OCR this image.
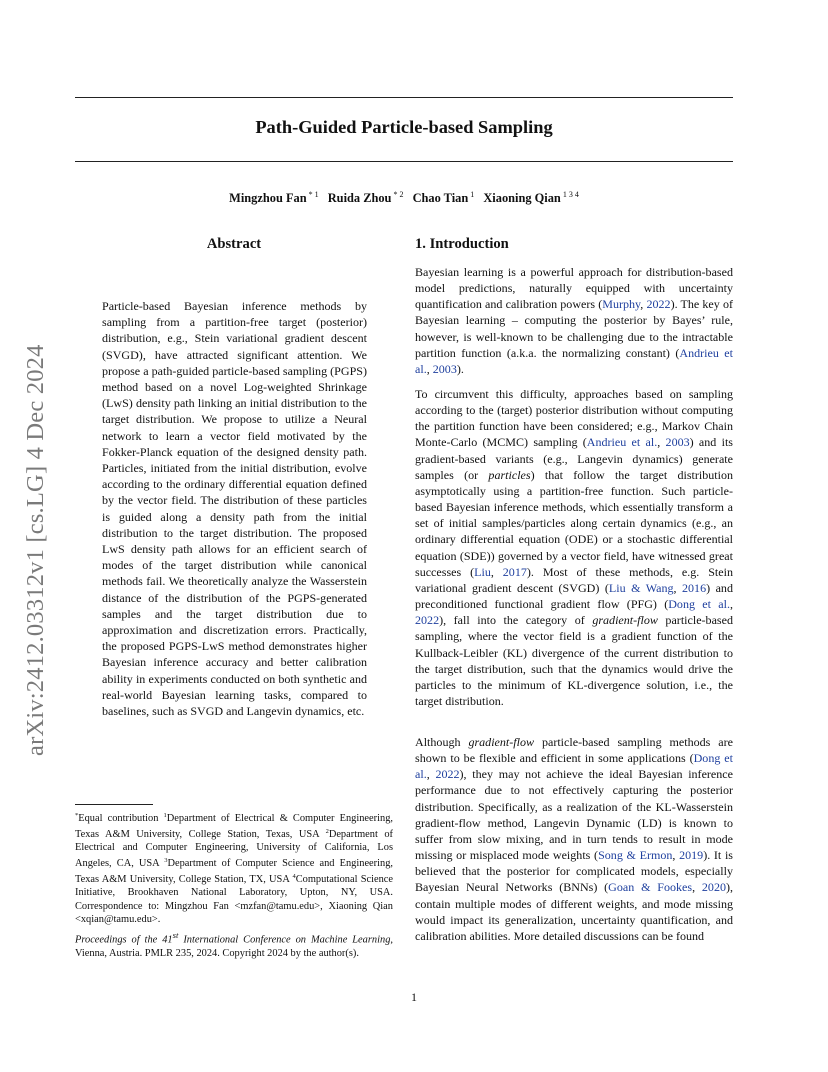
arXiv:2412.03312v1 [cs.LG] 4 Dec 2024
Path-Guided Particle-based Sampling
Mingzhou Fan $^{* 1}$ Ruida Zhou $^{* 2}$ Chao Tian $^1$ Xiaoning Qian $^{1 3 4}$
Abstract

Particle-based Bayesian inference methods by sampling from a partition-free target (posterior) distribution, e.g., Stein variational gradient descent (SVGD), have attracted significant attention. We propose a path-guided particle-based sampling (PGPS) method based on a novel Log-weighted Shrinkage (LwS) density path linking an initial distribution to the target distribution. We propose to utilize a Neural network to learn a vector field motivated by the Fokker-Planck equation of the designed density path. Particles, initiated from the initial distribution, evolve according to the ordinary differential equation defined by the vector field. The distribution of these particles is guided along a density path from the initial distribution to the target distribution. The proposed LwS density path allows for an efficient search of modes of the target distribution while canonical methods fail. We theoretically analyze the Wasserstein distance of the distribution of the PGPS-generated samples and the target distribution due to approximation and discretization errors. Practically, the proposed PGPS-LwS method demonstrates higher Bayesian inference accuracy and better calibration ability in experiments conducted on both synthetic and real-world Bayesian learning tasks, compared to baselines, such as SVGD and Langevin dynamics, etc.

*Equal contribution $^1$Department of Electrical & Computer Engineering, Texas A&M University, College Station, Texas, USA $^2$Department of Electrical and Computer Engineering, University of California, Los Angeles, CA, USA $^3$Department of Computer Science and Engineering, Texas A&M University, College Station, TX, USA $^4$Computational Science Initiative, Brookhaven National Laboratory, Upton, NY, USA. Correspondence to: Mingzhou Fan <mzfan@tamu.edu>, Xiaoning Qian <xqian@tamu.edu>.

Proceedings of the 41st International Conference on Machine Learning, Vienna, Austria. PMLR 235, 2024. Copyright 2024 by the author(s).

1. Introduction

Bayesian learning is a powerful approach for distribution-based model predictions, naturally equipped with uncertainty quantification and calibration powers (Murphy, 2022). The key of Bayesian learning – computing the posterior by Bayes’ rule, however, is well-known to be challenging due to the intractable partition function (a.k.a. the normalizing constant) (Andrieu et al., 2003).

To circumvent this difficulty, approaches based on sampling according to the (target) posterior distribution without computing the partition function have been considered; e.g., Markov Chain Monte-Carlo (MCMC) sampling (Andrieu et al., 2003) and its gradient-based variants (e.g., Langevin dynamics) generate samples (or particles) that follow the target distribution asymptotically using a partition-free function. Such particle-based Bayesian inference methods, which essentially transform a set of initial samples/particles along certain dynamics (e.g., an ordinary differential equation (ODE) or a stochastic differential equation (SDE)) governed by a vector field, have witnessed great successes (Liu, 2017). Most of these methods, e.g. Stein variational gradient descent (SVGD) (Liu & Wang, 2016) and preconditioned functional gradient flow (PFG) (Dong et al., 2022), fall into the category of gradient-flow particle-based sampling, where the vector field is a gradient function of the Kullback-Leibler (KL) divergence of the current distribution to the target distribution, such that the dynamics would drive the particles to the minimum of KL-divergence solution, i.e., the target distribution.

Although gradient-flow particle-based sampling methods are shown to be flexible and efficient in some applications (Dong et al., 2022), they may not achieve the ideal Bayesian inference performance due to not effectively capturing the posterior distribution. Specifically, as a realization of the KL-Wasserstein gradient-flow method, Langevin Dynamic (LD) is known to suffer from slow mixing, and in turn tends to result in mode missing or misplaced mode weights (Song & Ermon, 2019). It is believed that the posterior for complicated models, especially Bayesian Neural Networks (BNNs) (Goan & Fookes, 2020), contain multiple modes of different weights, and mode missing would impact its generalization, uncertainty quantification, and calibration abilities. More detailed discussions can be found

1
